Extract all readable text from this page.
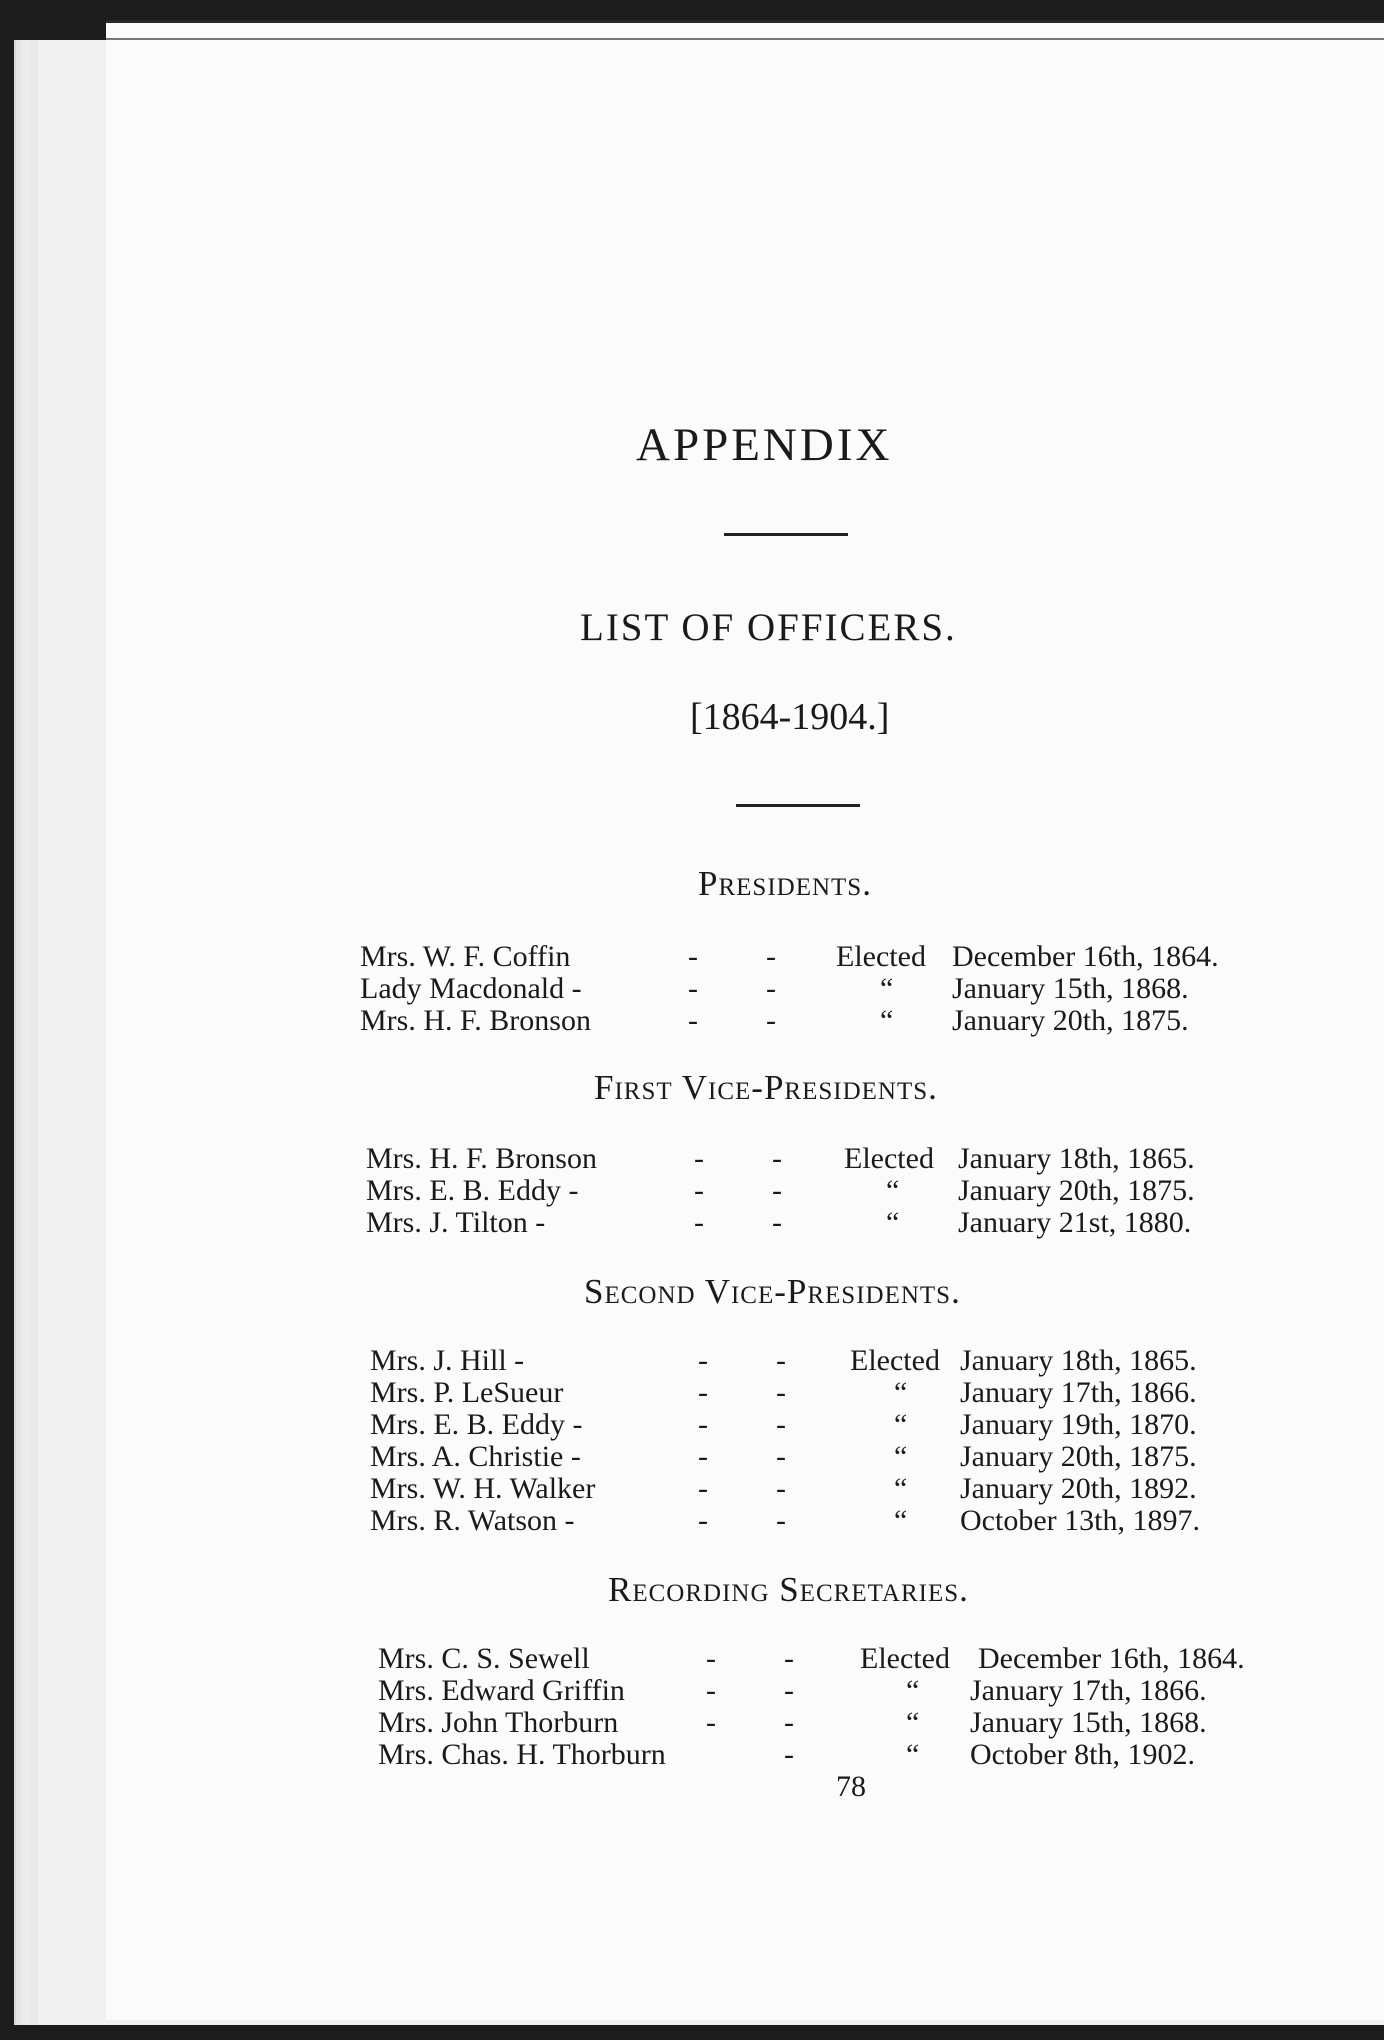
APPENDIX
LIST OF OFFICERS.
[1864-1904.]
Presidents.
Mrs. W. F. Coffin	- - Elected December 16th, 1864.
Lady Macdonald -	- -	“ January 15th, 1868.
Mrs. H. F. Bronson	- -	“ January 20th, 1875.
First Vice-Presidents.
Mrs. H. F. Bronson	- - Elected January 18th, 1865.
Mrs. E. B. Eddy -	- -	“ January 20th, 1875.
Mrs. J. Tilton -	- -	“ January 21st, 1880.
Second Vice-Presidents.
Mrs. J. Hill -	- - Elected January 18th, 1865.
Mrs. P. LeSueur	- -	“ January 17th, 1866.
Mrs. E. B. Eddy -	- -	“ January 19th, 1870.
Mrs. A. Christie -	- -	“ January 20th, 1875.
Mrs. W. H. Walker	- -	“ January 20th, 1892.
Mrs. R. Watson -	- -	“ October 13th, 1897.
Recording Secretaries.
Mrs. C. S. Sewell	- - Elected December 16th, 1864.
Mrs. Edward Griffin	- -	“ January 17th, 1866.
Mrs. John Thorburn	- -	“ January 15th, 1868.
Mrs. Chas. H. Thorburn	-	“ October 8th, 1902.
78
